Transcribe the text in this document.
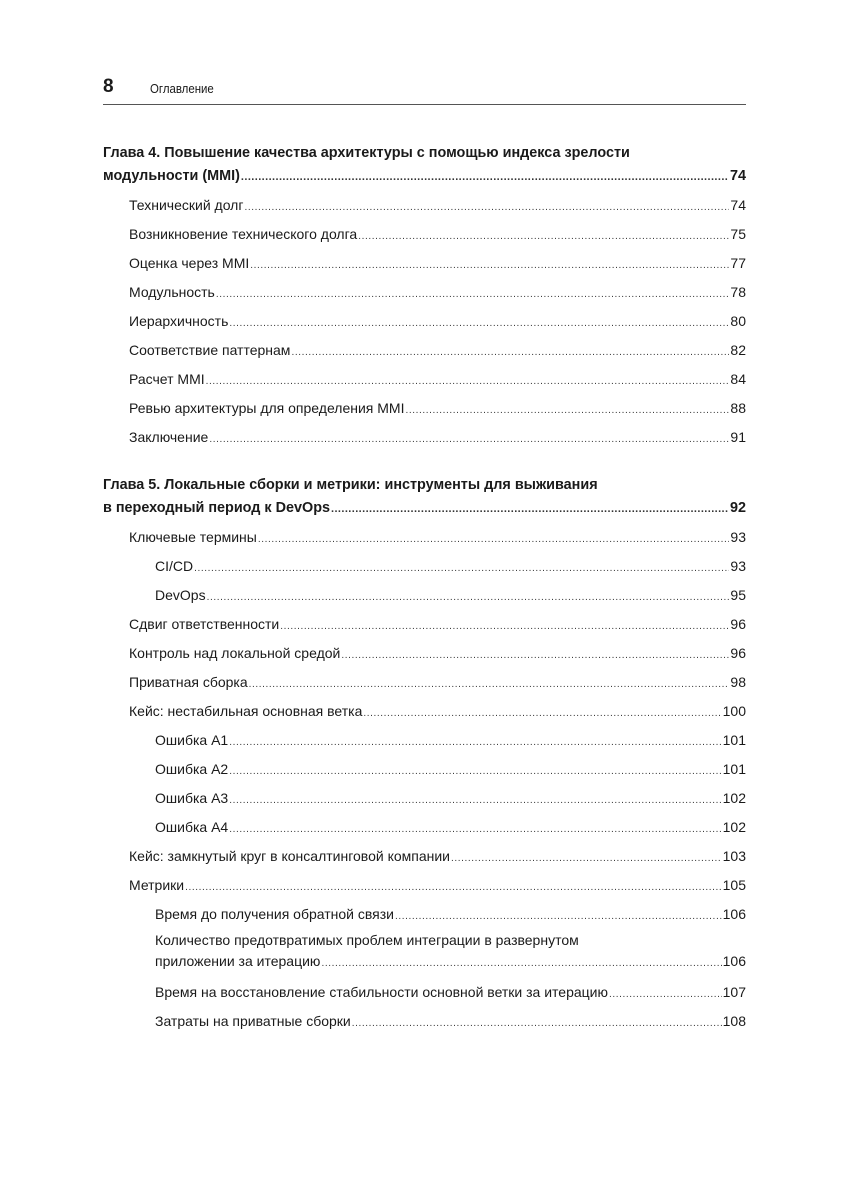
8	Оглавление
Глава 4. Повышение качества архитектуры с помощью индекса зрелости
модульности (MMI) .....	74
Технический долг .....	74
Возникновение технического долга .....	75
Оценка через MMI .....	77
Модульность .....	78
Иерархичность .....	80
Соответствие паттернам .....	82
Расчет MMI .....	84
Ревью архитектуры для определения MMI .....	88
Заключение .....	91
Глава 5. Локальные сборки и метрики: инструменты для выживания
в переходный период к DevOps .....	92
Ключевые термины .....	93
CI/CD .....	93
DevOps .....	95
Сдвиг ответственности .....	96
Контроль над локальной средой .....	96
Приватная сборка .....	98
Кейс: нестабильная основная ветка .....	100
Ошибка A1 .....	101
Ошибка A2 .....	101
Ошибка A3 .....	102
Ошибка A4 .....	102
Кейс: замкнутый круг в консалтинговой компании .....	103
Метрики .....	105
Время до получения обратной связи .....	106
Количество предотвратимых проблем интеграции в развернутом
приложении за итерацию .....	106
Время на восстановление стабильности основной ветки за итерацию .....	107
Затраты на приватные сборки .....	108
